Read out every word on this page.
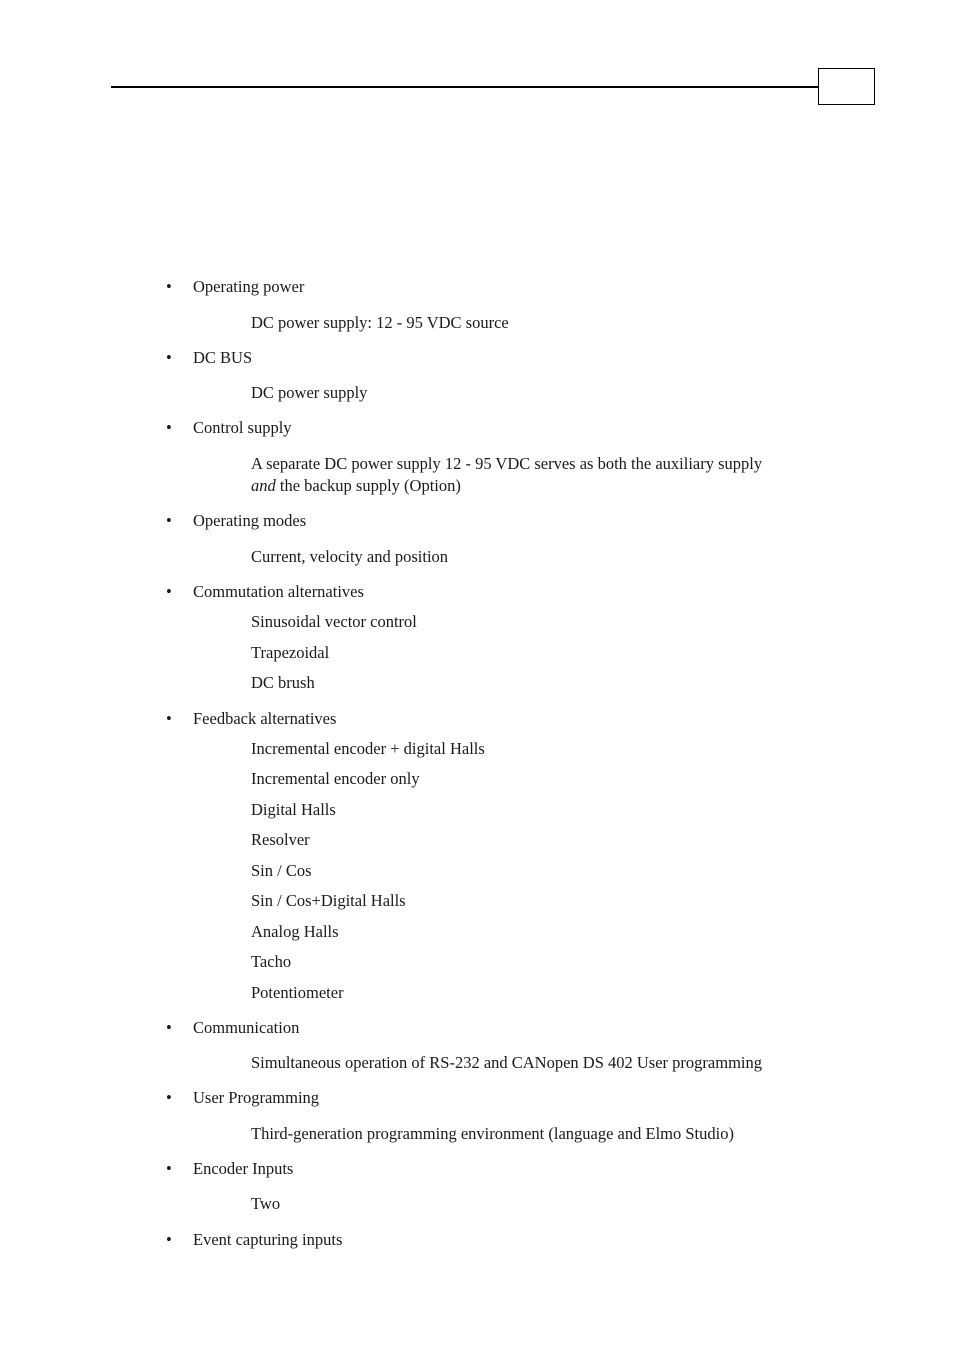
• Operating power
DC power supply: 12 - 95 VDC source
• DC BUS
DC power supply
• Control supply
A separate DC power supply 12 - 95 VDC serves as both the auxiliary supply
and the backup supply (Option)
• Operating modes
Current, velocity and position
• Commutation alternatives
Sinusoidal vector control
Trapezoidal
DC brush
• Feedback alternatives
Incremental encoder + digital Halls
Incremental encoder only
Digital Halls
Resolver
Sin / Cos
Sin / Cos+Digital Halls
Analog Halls
Tacho
Potentiometer
• Communication
Simultaneous operation of RS-232 and CANopen DS 402 User programming
• User Programming
Third-generation programming environment (language and Elmo Studio)
• Encoder Inputs
Two
• Event capturing inputs
